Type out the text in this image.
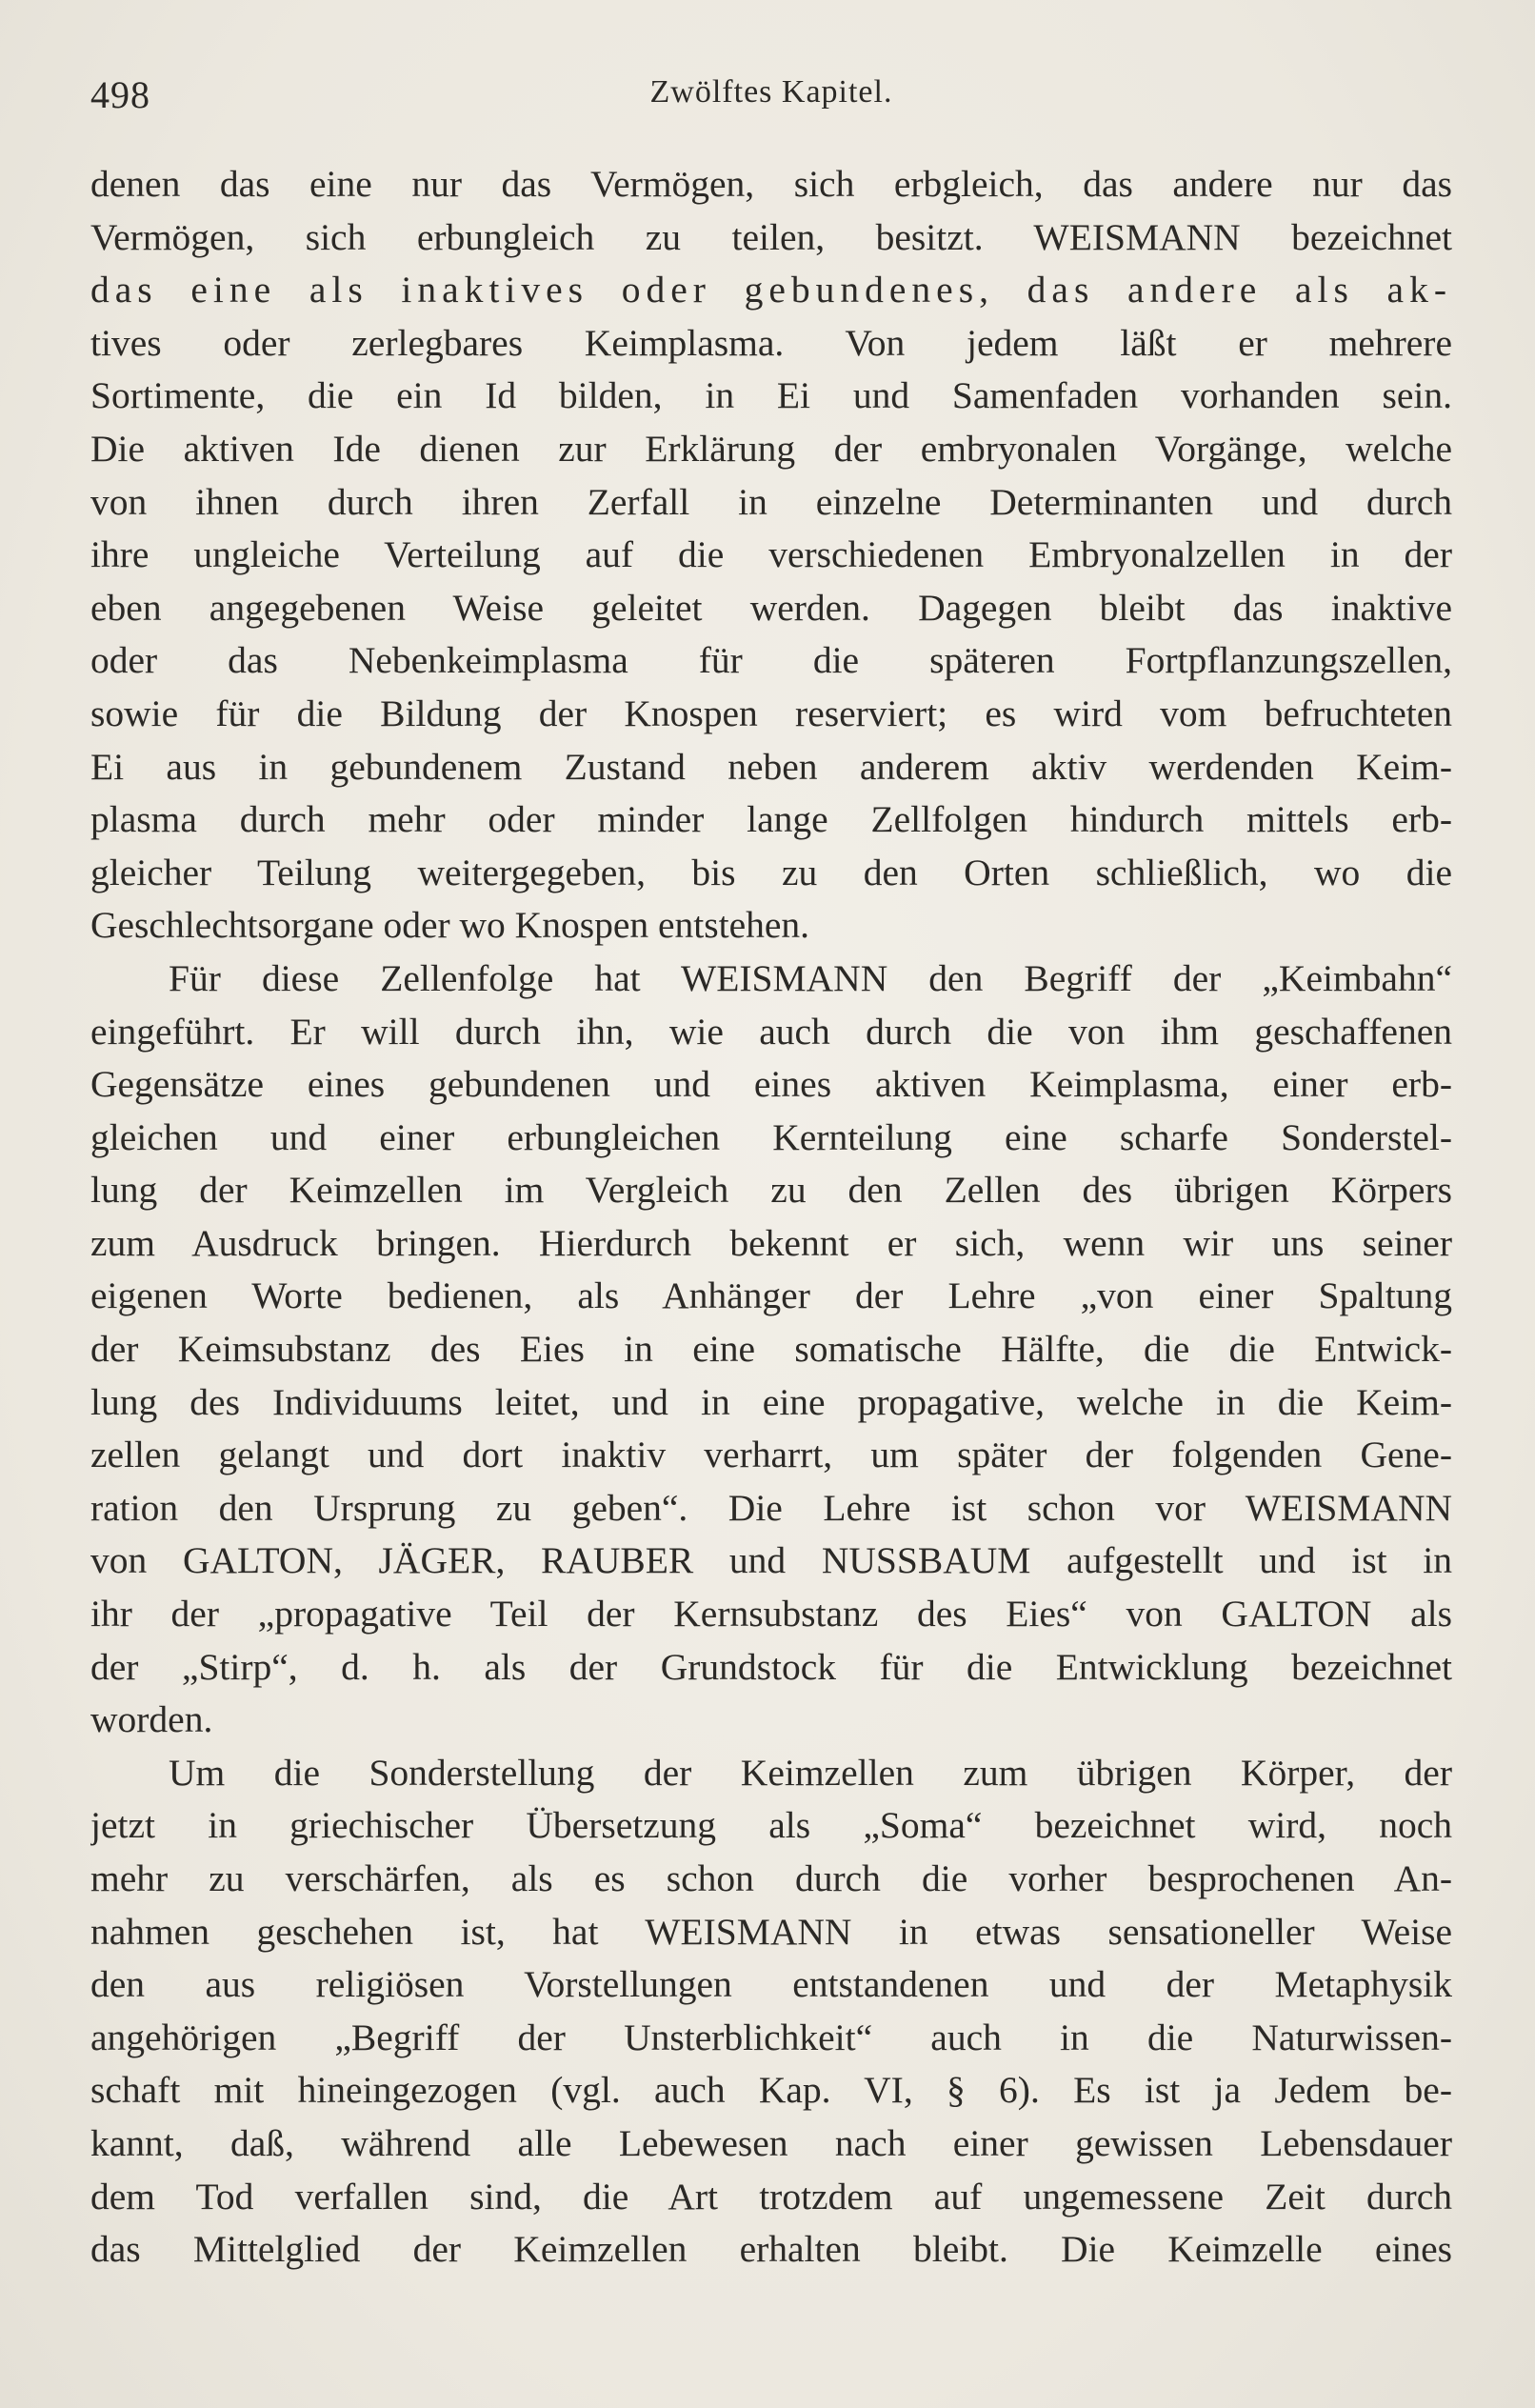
498	Zwölftes Kapitel.
denen das eine nur das Vermögen, sich erbgleich, das andere nur das
Vermögen, sich erbungleich zu teilen, besitzt. WEISMANN bezeichnet
das eine als inaktives oder gebundenes, das andere als ak-
tives oder zerlegbares Keimplasma. Von jedem läßt er mehrere
Sortimente, die ein Id bilden, in Ei und Samenfaden vorhanden sein.
Die aktiven Ide dienen zur Erklärung der embryonalen Vorgänge, welche
von ihnen durch ihren Zerfall in einzelne Determinanten und durch
ihre ungleiche Verteilung auf die verschiedenen Embryonalzellen in der
eben angegebenen Weise geleitet werden. Dagegen bleibt das inaktive
oder das Nebenkeimplasma für die späteren Fortpflanzungszellen,
sowie für die Bildung der Knospen reserviert; es wird vom befruchteten
Ei aus in gebundenem Zustand neben anderem aktiv werdenden Keim-
plasma durch mehr oder minder lange Zellfolgen hindurch mittels erb-
gleicher Teilung weitergegeben, bis zu den Orten schließlich, wo die
Geschlechtsorgane oder wo Knospen entstehen.
Für diese Zellenfolge hat WEISMANN den Begriff der „Keimbahn“
eingeführt. Er will durch ihn, wie auch durch die von ihm geschaffenen
Gegensätze eines gebundenen und eines aktiven Keimplasma, einer erb-
gleichen und einer erbungleichen Kernteilung eine scharfe Sonderstel-
lung der Keimzellen im Vergleich zu den Zellen des übrigen Körpers
zum Ausdruck bringen. Hierdurch bekennt er sich, wenn wir uns seiner
eigenen Worte bedienen, als Anhänger der Lehre „von einer Spaltung
der Keimsubstanz des Eies in eine somatische Hälfte, die die Entwick-
lung des Individuums leitet, und in eine propagative, welche in die Keim-
zellen gelangt und dort inaktiv verharrt, um später der folgenden Gene-
ration den Ursprung zu geben“. Die Lehre ist schon vor WEISMANN
von GALTON, JÄGER, RAUBER und NUSSBAUM aufgestellt und ist in
ihr der „propagative Teil der Kernsubstanz des Eies“ von GALTON als
der „Stirp“, d. h. als der Grundstock für die Entwicklung bezeichnet
worden.
Um die Sonderstellung der Keimzellen zum übrigen Körper, der
jetzt in griechischer Übersetzung als „Soma“ bezeichnet wird, noch
mehr zu verschärfen, als es schon durch die vorher besprochenen An-
nahmen geschehen ist, hat WEISMANN in etwas sensationeller Weise
den aus religiösen Vorstellungen entstandenen und der Metaphysik
angehörigen „Begriff der Unsterblichkeit“ auch in die Naturwissen-
schaft mit hineingezogen (vgl. auch Kap. VI, § 6). Es ist ja Jedem be-
kannt, daß, während alle Lebewesen nach einer gewissen Lebensdauer
dem Tod verfallen sind, die Art trotzdem auf ungemessene Zeit durch
das Mittelglied der Keimzellen erhalten bleibt. Die Keimzelle eines
